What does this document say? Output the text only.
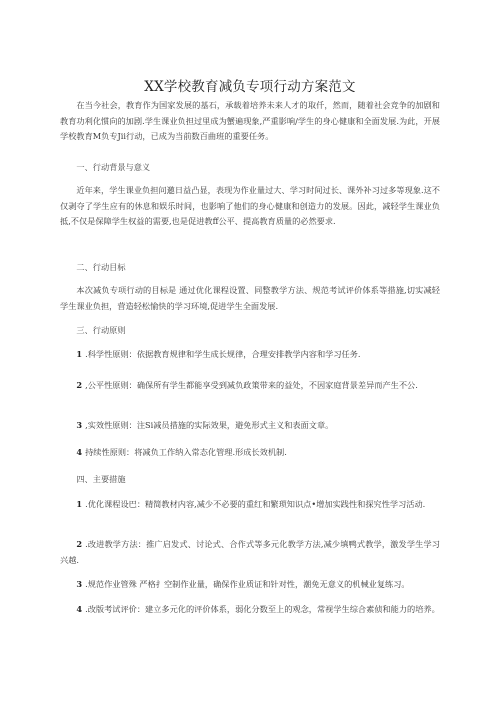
XX学校教育减负专项行动方案范文

在当今社会，教育作为国家发展的基石，承载着培养未来人才的取仟，然而，随着社会竞争的加剧和教育功利化惯向的加剧.学生课业负担过里成为蟹遍现象,严重影响/学生的身心健康和全面发展.为此，开展学校教育M负专Jii行动，已成为当前数百曲班的重要任务。

一、行动背景与意义

近年来，学生课业负担问邀日益凸显，表现为作业量过大、学习时间过长、课外补习过多等现象.这不仅剥夺了学生应有的休息和娱乐时间，也影响了他们的身心健康和创造力的发展。因此，减轻学生课业负抵,不仅是保障学生权益的需要,也是促进教ff公平、提高教育质量的必然要求.

二、行动目标

本次减负专项行动的目标是 通过优化课程设置、同整教学方法、规范考试评价体系等措施,切实减轻学生课业负担，营造轻松愉快的学习环境,促进学生全面发展.

三、行动原则

1 .科学性原则：依据教育规律和学生成长规律，合理安排教学内容和学习任务.

2 ,公平性原则：确保所有学生都能享受到减负政策带来的益处，不因家庭背景差异而产生不公.

3 ,实效性原则：注Si减员措施的实际效果，避免形式主义和表面文章。

4 持续性原则：将减负工作纳入常态化管理.形成长效机制.

四、主要措施

1 .优化课程设巴：精简教材内容,减少不必要的重红和繁琐知识点•增加实践性和探究性学习活动.

2 .改进教学方法：推广启发式、讨论式、合作式等多元化教学方法,减少填鸭式教学，激发学生学习兴越.

3 .规范作业管殊 严格扌空制作业量，确保作业质证和针对性，潮免无意义的机械业复练习。

4 .改版考试评价：建立多元化的评价体系，弱化分数至上的观念，常视学生综合素侦和能力的培养。
